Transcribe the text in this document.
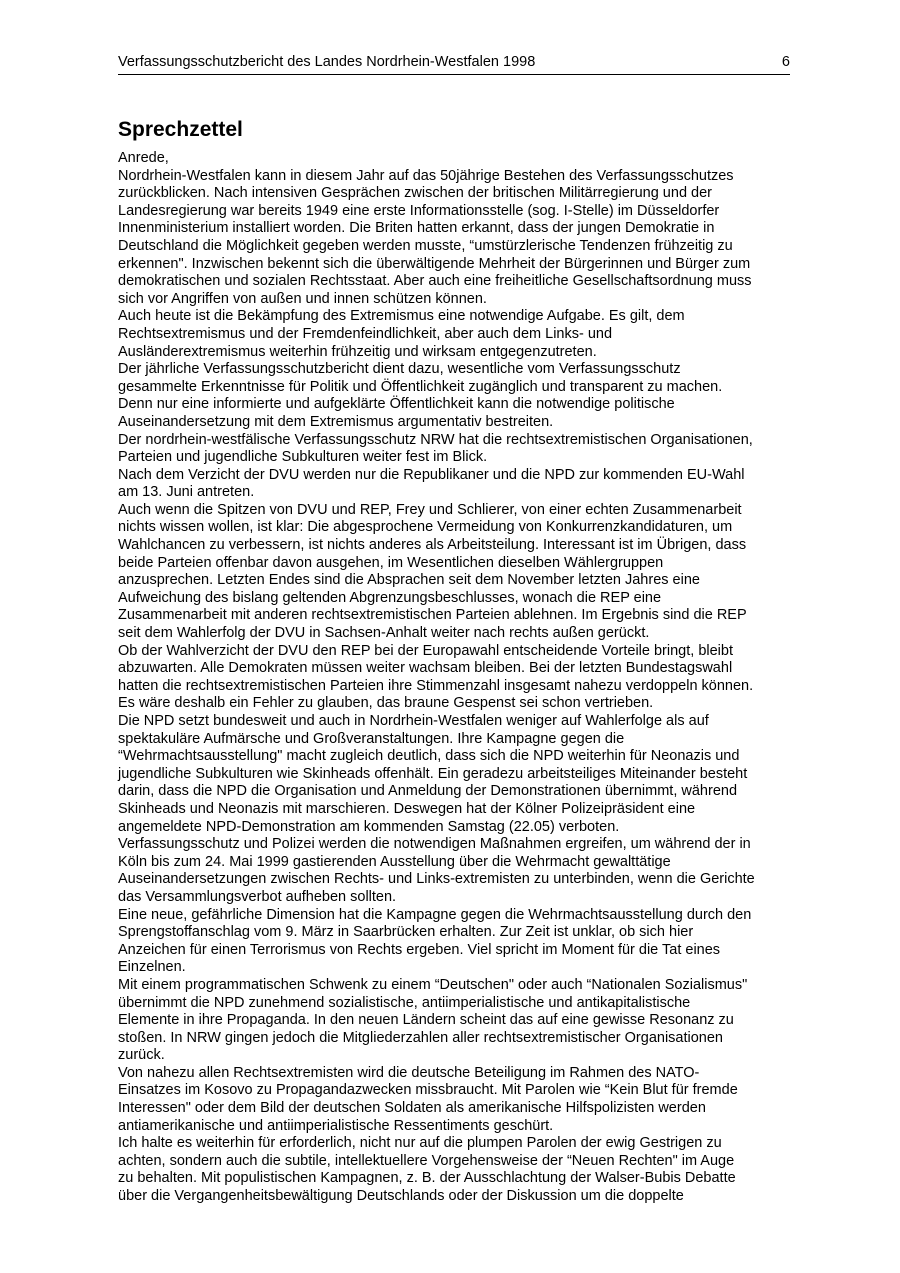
Verfassungsschutzbericht des Landes Nordrhein-Westfalen 1998	6
Sprechzettel
Anrede,
Nordrhein-Westfalen kann in diesem Jahr auf das 50jährige Bestehen des Verfassungsschutzes
zurückblicken. Nach intensiven Gesprächen zwischen der britischen Militärregierung und der
Landesregierung war bereits 1949 eine erste Informationsstelle (sog. I-Stelle) im Düsseldorfer
Innenministerium installiert worden. Die Briten hatten erkannt, dass der jungen Demokratie in
Deutschland die Möglichkeit gegeben werden musste, “umstürzlerische Tendenzen frühzeitig zu
erkennen". Inzwischen bekennt sich die überwältigende Mehrheit der Bürgerinnen und Bürger zum
demokratischen und sozialen Rechtsstaat. Aber auch eine freiheitliche Gesellschaftsordnung muss
sich vor Angriffen von außen und innen schützen können.
Auch heute ist die Bekämpfung des Extremismus eine notwendige Aufgabe. Es gilt, dem
Rechtsextremismus und der Fremdenfeindlichkeit, aber auch dem Links- und
Ausländerextremismus weiterhin frühzeitig und wirksam entgegenzutreten.
Der jährliche Verfassungsschutzbericht dient dazu, wesentliche vom Verfassungsschutz
gesammelte Erkenntnisse für Politik und Öffentlichkeit zugänglich und transparent zu machen.
Denn nur eine informierte und aufgeklärte Öffentlichkeit kann die notwendige politische
Auseinandersetzung mit dem Extremismus argumentativ bestreiten.
Der nordrhein-westfälische Verfassungsschutz NRW hat die rechtsextremistischen Organisationen,
Parteien und jugendliche Subkulturen weiter fest im Blick.
Nach dem Verzicht der DVU werden nur die Republikaner und die NPD zur kommenden EU-Wahl
am 13. Juni antreten.
Auch wenn die Spitzen von DVU und REP, Frey und Schlierer, von einer echten Zusammenarbeit
nichts wissen wollen, ist klar: Die abgesprochene Vermeidung von Konkurrenzkandidaturen, um
Wahlchancen zu verbessern, ist nichts anderes als Arbeitsteilung. Interessant ist im Übrigen, dass
beide Parteien offenbar davon ausgehen, im Wesentlichen dieselben Wählergruppen
anzusprechen. Letzten Endes sind die Absprachen seit dem November letzten Jahres eine
Aufweichung des bislang geltenden Abgrenzungsbeschlusses, wonach die REP eine
Zusammenarbeit mit anderen rechtsextremistischen Parteien ablehnen. Im Ergebnis sind die REP
seit dem Wahlerfolg der DVU in Sachsen-Anhalt weiter nach rechts außen gerückt.
Ob der Wahlverzicht der DVU den REP bei der Europawahl entscheidende Vorteile bringt, bleibt
abzuwarten. Alle Demokraten müssen weiter wachsam bleiben. Bei der letzten Bundestagswahl
hatten die rechtsextremistischen Parteien ihre Stimmenzahl insgesamt nahezu verdoppeln können.
Es wäre deshalb ein Fehler zu glauben, das braune Gespenst sei schon vertrieben.
Die NPD setzt bundesweit und auch in Nordrhein-Westfalen weniger auf Wahlerfolge als auf
spektakuläre Aufmärsche und Großveranstaltungen. Ihre Kampagne gegen die
“Wehrmachtsausstellung" macht zugleich deutlich, dass sich die NPD weiterhin für Neonazis und
jugendliche Subkulturen wie Skinheads offenhält. Ein geradezu arbeitsteiliges Miteinander besteht
darin, dass die NPD die Organisation und Anmeldung der Demonstrationen übernimmt, während
Skinheads und Neonazis mit marschieren. Deswegen hat der Kölner Polizeipräsident eine
angemeldete NPD-Demonstration am kommenden Samstag (22.05) verboten.
Verfassungsschutz und Polizei werden die notwendigen Maßnahmen ergreifen, um während der in
Köln bis zum 24. Mai 1999 gastierenden Ausstellung über die Wehrmacht gewalttätige
Auseinandersetzungen zwischen Rechts- und Links-extremisten zu unterbinden, wenn die Gerichte
das Versammlungsverbot aufheben sollten.
Eine neue, gefährliche Dimension hat die Kampagne gegen die Wehrmachtsausstellung durch den
Sprengstoffanschlag vom 9. März in Saarbrücken erhalten. Zur Zeit ist unklar, ob sich hier
Anzeichen für einen Terrorismus von Rechts ergeben. Viel spricht im Moment für die Tat eines
Einzelnen.
Mit einem programmatischen Schwenk zu einem “Deutschen" oder auch “Nationalen Sozialismus"
übernimmt die NPD zunehmend sozialistische, antiimperialistische und antikapitalistische
Elemente in ihre Propaganda. In den neuen Ländern scheint das auf eine gewisse Resonanz zu
stoßen. In NRW gingen jedoch die Mitgliederzahlen aller rechtsextremistischer Organisationen
zurück.
Von nahezu allen Rechtsextremisten wird die deutsche Beteiligung im Rahmen des NATO-
Einsatzes im Kosovo zu Propagandazwecken missbraucht. Mit Parolen wie “Kein Blut für fremde
Interessen" oder dem Bild der deutschen Soldaten als amerikanische Hilfspolizisten werden
antiamerikanische und antiimperialistische Ressentiments geschürt.
Ich halte es weiterhin für erforderlich, nicht nur auf die plumpen Parolen der ewig Gestrigen zu
achten, sondern auch die subtile, intellektuellere Vorgehensweise der “Neuen Rechten" im Auge
zu behalten. Mit populistischen Kampagnen, z. B. der Ausschlachtung der Walser-Bubis Debatte
über die Vergangenheitsbewältigung Deutschlands oder der Diskussion um die doppelte
